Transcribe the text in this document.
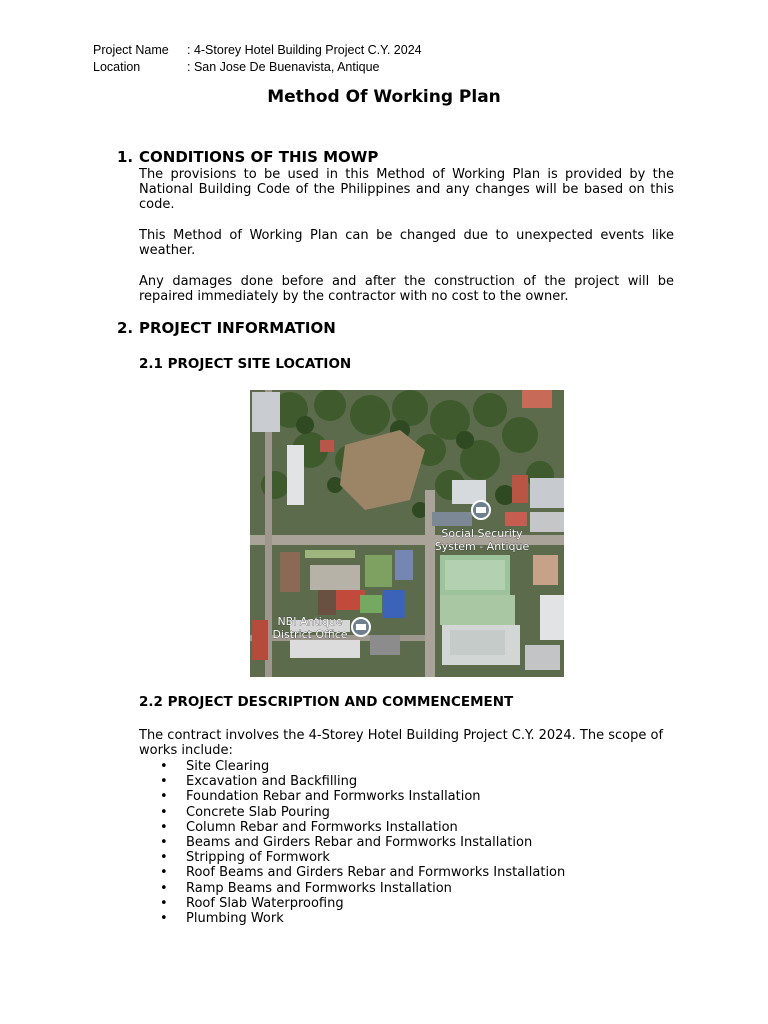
Project Name : 4-Storey Hotel Building Project C.Y. 2024
Location	: San Jose De Buenavista, Antique
Method Of Working Plan
1. CONDITIONS OF THIS MOWP
The provisions to be used in this Method of Working Plan is provided by the National Building Code of the Philippines and any changes will be based on this code.
This Method of Working Plan can be changed due to unexpected events like weather.
Any damages done before and after the construction of the project will be repaired immediately by the contractor with no cost to the owner.
2. PROJECT INFORMATION
2.1 PROJECT SITE LOCATION
Social Security
System - Antique
NBI Antique
District Office
2.2 PROJECT DESCRIPTION AND COMMENCEMENT
The contract involves the 4-Storey Hotel Building Project C.Y. 2024. The scope of works include:
• Site Clearing
• Excavation and Backfilling
• Foundation Rebar and Formworks Installation
• Concrete Slab Pouring
• Column Rebar and Formworks Installation
• Beams and Girders Rebar and Formworks Installation
• Stripping of Formwork
• Roof Beams and Girders Rebar and Formworks Installation
• Ramp Beams and Formworks Installation
• Roof Slab Waterproofing
• Plumbing Work
